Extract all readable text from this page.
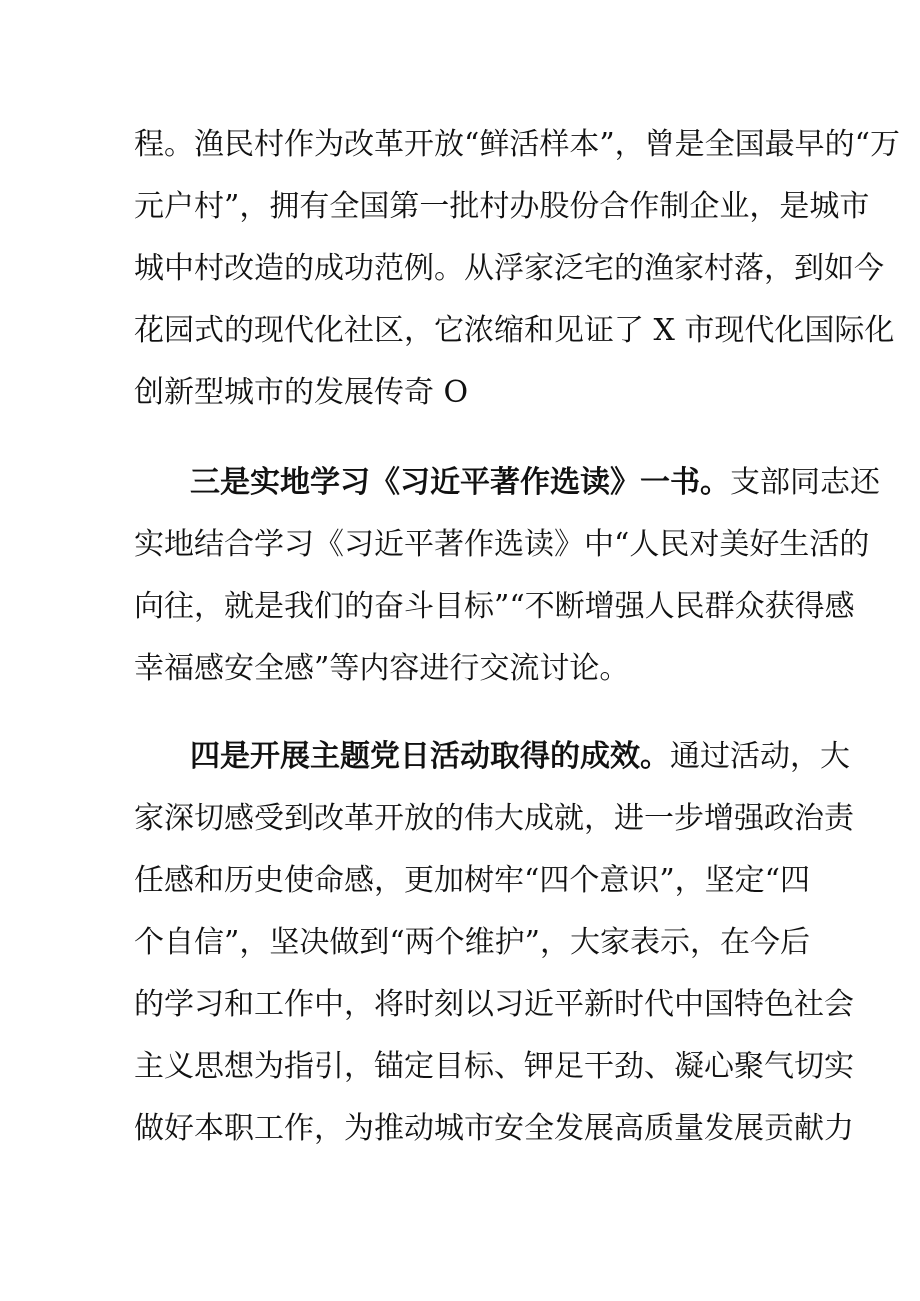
程。渔民村作为改革开放“鲜活样本”，曾是全国最早的“万
元户村”，拥有全国第一批村办股份合作制企业，是城市
城中村改造的成功范例。从浮家泛宅的渔家村落，到如今
花园式的现代化社区，它浓缩和见证了 X 市现代化国际化
创新型城市的发展传奇 O
三是实地学习《习近平著作选读》一书。支部同志还
实地结合学习《习近平著作选读》中“人民对美好生活的
向往，就是我们的奋斗目标”“不断增强人民群众获得感
幸福感安全感”等内容进行交流讨论。
四是开展主题党日活动取得的成效。通过活动，大
家深切感受到改革开放的伟大成就，进一步增强政治责
任感和历史使命感，更加树牢“四个意识”，坚定“四
个自信”，坚决做到“两个维护”，大家表示，在今后
的学习和工作中，将时刻以习近平新时代中国特色社会
主义思想为指引，锚定目标、钾足干劲、凝心聚气切实
做好本职工作，为推动城市安全发展高质量发展贡献力
